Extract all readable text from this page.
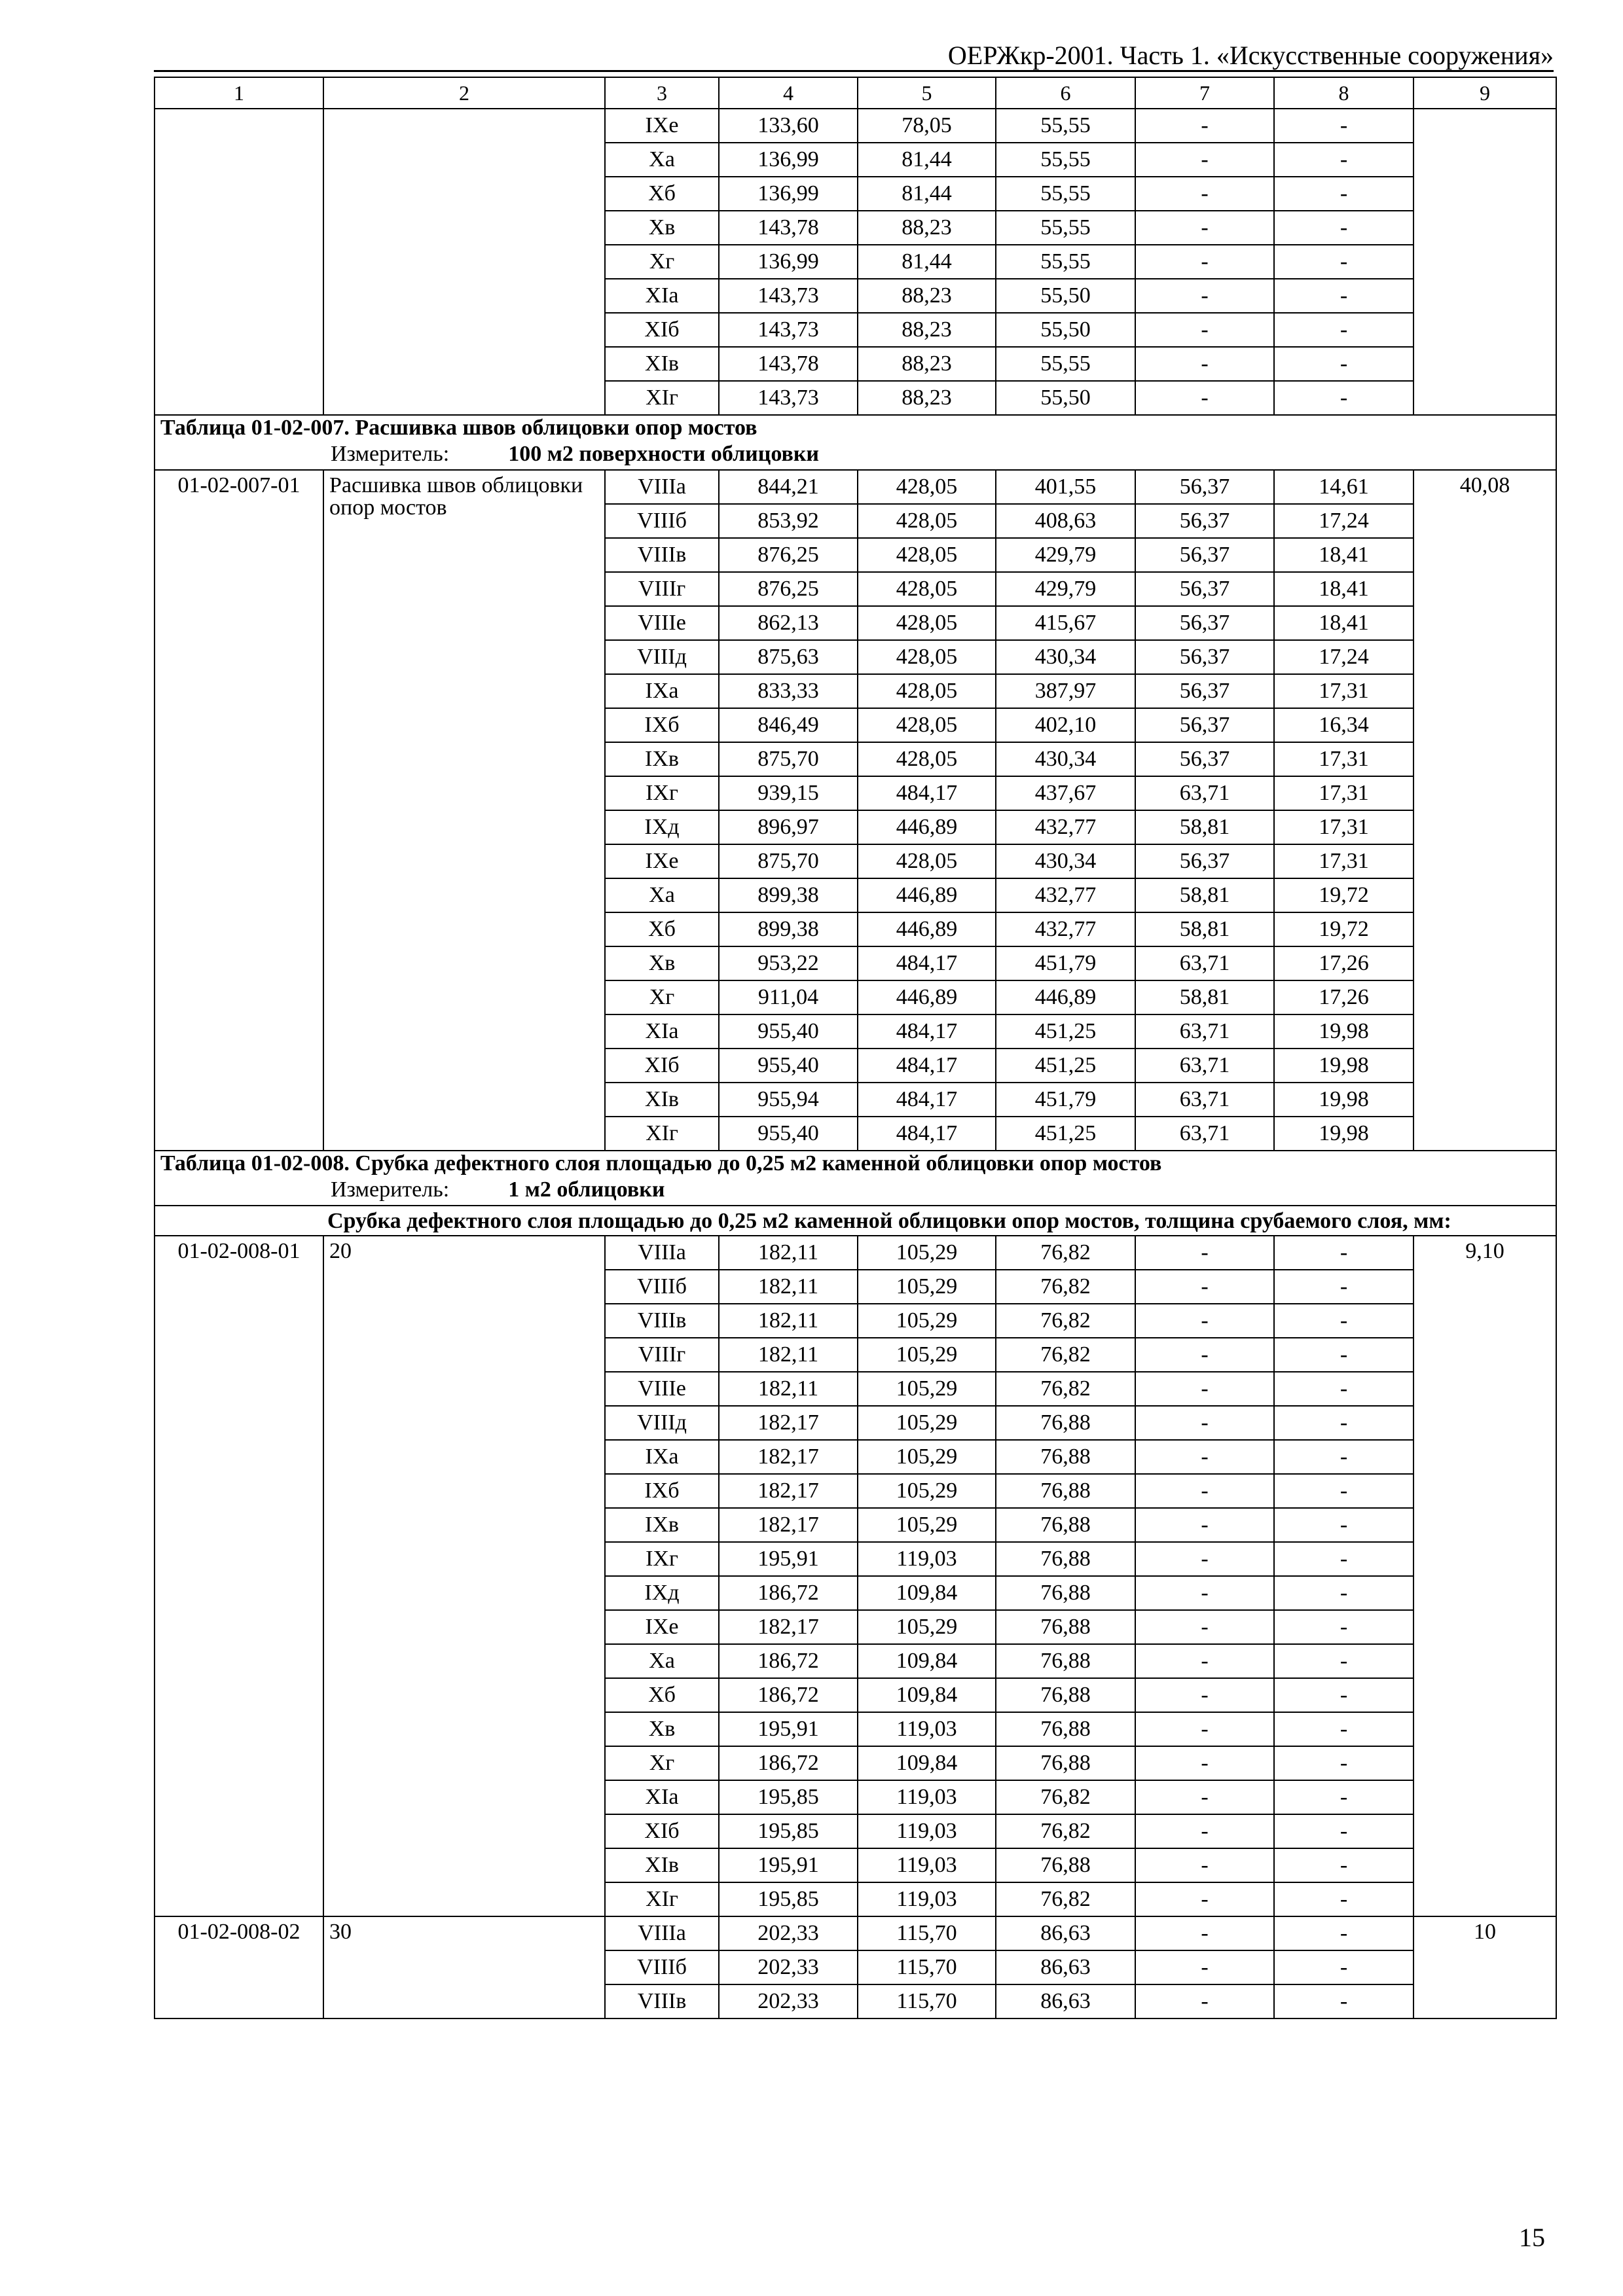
ОЕРЖкр-2001. Часть 1. «Искусственные сооружения»
1	2	3	4	5	6	7	8	9
		IXе	133,60	78,05	55,55	-	-	
		Xа	136,99	81,44	55,55	-	-	
		Xб	136,99	81,44	55,55	-	-	
		Xв	143,78	88,23	55,55	-	-	
		Xг	136,99	81,44	55,55	-	-	
		XIа	143,73	88,23	55,50	-	-	
		XIб	143,73	88,23	55,50	-	-	
		XIв	143,78	88,23	55,55	-	-	
		XIг	143,73	88,23	55,50	-	-	
Таблица 01-02-007. Расшивка швов облицовки опор мостов								
Измеритель: 100 м2 поверхности облицовки								
01-02-007-01	Расшивка швов облицовки опор мостов	VIIIа	844,21	428,05	401,55	56,37	14,61	40,08
		VIIIб	853,92	428,05	408,63	56,37	17,24	
		VIIIв	876,25	428,05	429,79	56,37	18,41	
		VIIIг	876,25	428,05	429,79	56,37	18,41	
		VIIIе	862,13	428,05	415,67	56,37	18,41	
		VIIIд	875,63	428,05	430,34	56,37	17,24	
		IXа	833,33	428,05	387,97	56,37	17,31	
		IXб	846,49	428,05	402,10	56,37	16,34	
		IXв	875,70	428,05	430,34	56,37	17,31	
		IXг	939,15	484,17	437,67	63,71	17,31	
		IXд	896,97	446,89	432,77	58,81	17,31	
		IXе	875,70	428,05	430,34	56,37	17,31	
		Xа	899,38	446,89	432,77	58,81	19,72	
		Xб	899,38	446,89	432,77	58,81	19,72	
		Xв	953,22	484,17	451,79	63,71	17,26	
		Xг	911,04	446,89	446,89	58,81	17,26	
		XIа	955,40	484,17	451,25	63,71	19,98	
		XIб	955,40	484,17	451,25	63,71	19,98	
		XIв	955,94	484,17	451,79	63,71	19,98	
		XIг	955,40	484,17	451,25	63,71	19,98	
Таблица 01-02-008. Срубка дефектного слоя площадью до 0,25 м2 каменной облицовки опор мостов								
Измеритель: 1 м2 облицовки								
	Срубка дефектного слоя площадью до 0,25 м2 каменной облицовки опор мостов, толщина срубаемого слоя, мм:							
01-02-008-01	20	VIIIа	182,11	105,29	76,82	-	-	9,10
		VIIIб	182,11	105,29	76,82	-	-	
		VIIIв	182,11	105,29	76,82	-	-	
		VIIIг	182,11	105,29	76,82	-	-	
		VIIIе	182,11	105,29	76,82	-	-	
		VIIIд	182,17	105,29	76,88	-	-	
		IXа	182,17	105,29	76,88	-	-	
		IXб	182,17	105,29	76,88	-	-	
		IXв	182,17	105,29	76,88	-	-	
		IXг	195,91	119,03	76,88	-	-	
		IXд	186,72	109,84	76,88	-	-	
		IXе	182,17	105,29	76,88	-	-	
		Xа	186,72	109,84	76,88	-	-	
		Xб	186,72	109,84	76,88	-	-	
		Xв	195,91	119,03	76,88	-	-	
		Xг	186,72	109,84	76,88	-	-	
		XIа	195,85	119,03	76,82	-	-	
		XIб	195,85	119,03	76,82	-	-	
		XIв	195,91	119,03	76,88	-	-	
		XIг	195,85	119,03	76,82	-	-	
01-02-008-02	30	VIIIа	202,33	115,70	86,63	-	-	10
		VIIIб	202,33	115,70	86,63	-	-	
		VIIIв	202,33	115,70	86,63	-	-	
15
